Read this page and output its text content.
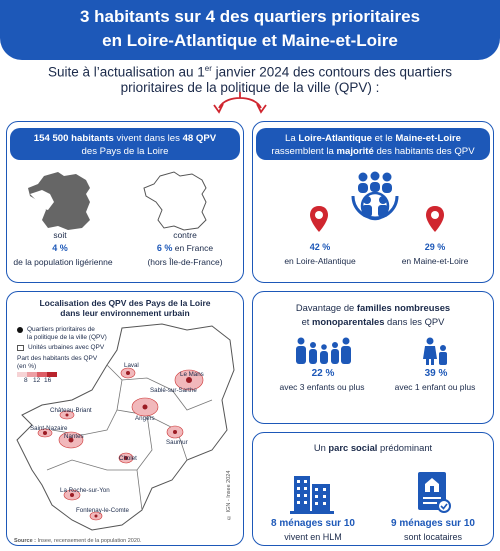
3 habitants sur 4 des quartiers prioritaires
en Loire-Atlantique et Maine-et-Loire
Suite à l’actualisation au 1er janvier 2024 des contours des quartiers
prioritaires de la politique de la ville (QPV) :
154 500 habitants vivent dans les 48 QPV
des Pays de la Loire
soit
4 %
de la population ligérienne
contre
6 % en France
(hors Île-de-France)
La Loire-Atlantique et le Maine-et-Loire
rassemblent la majorité des habitants des QPV
42 %
en Loire-Atlantique
29 %
en Maine-et-Loire
Localisation des QPV des Pays de la Loire
dans leur environnement urbain
Laval
Le Mans
Sablé-sur-Sarthe
Château-Briant
Saint-Nazaire
Angers
Nantes
Saumur
Cholet
La Roche-sur-Yon
Fontenay-le-Comte
Quartiers prioritaires de
la politique de la ville (QPV)
Unités urbaines avec QPV
Part des habitants des QPV
(en %)
8 12 16
© IGN - Insee 2024
Source : Insee, recensement de la population 2020.
Davantage de familles nombreuses
et monoparentales dans les QPV
22 %
avec 3 enfants ou plus
39 %
avec 1 enfant ou plus
Un parc social prédominant
8 ménages sur 10
vivent en HLM
9 ménages sur 10
sont locataires
